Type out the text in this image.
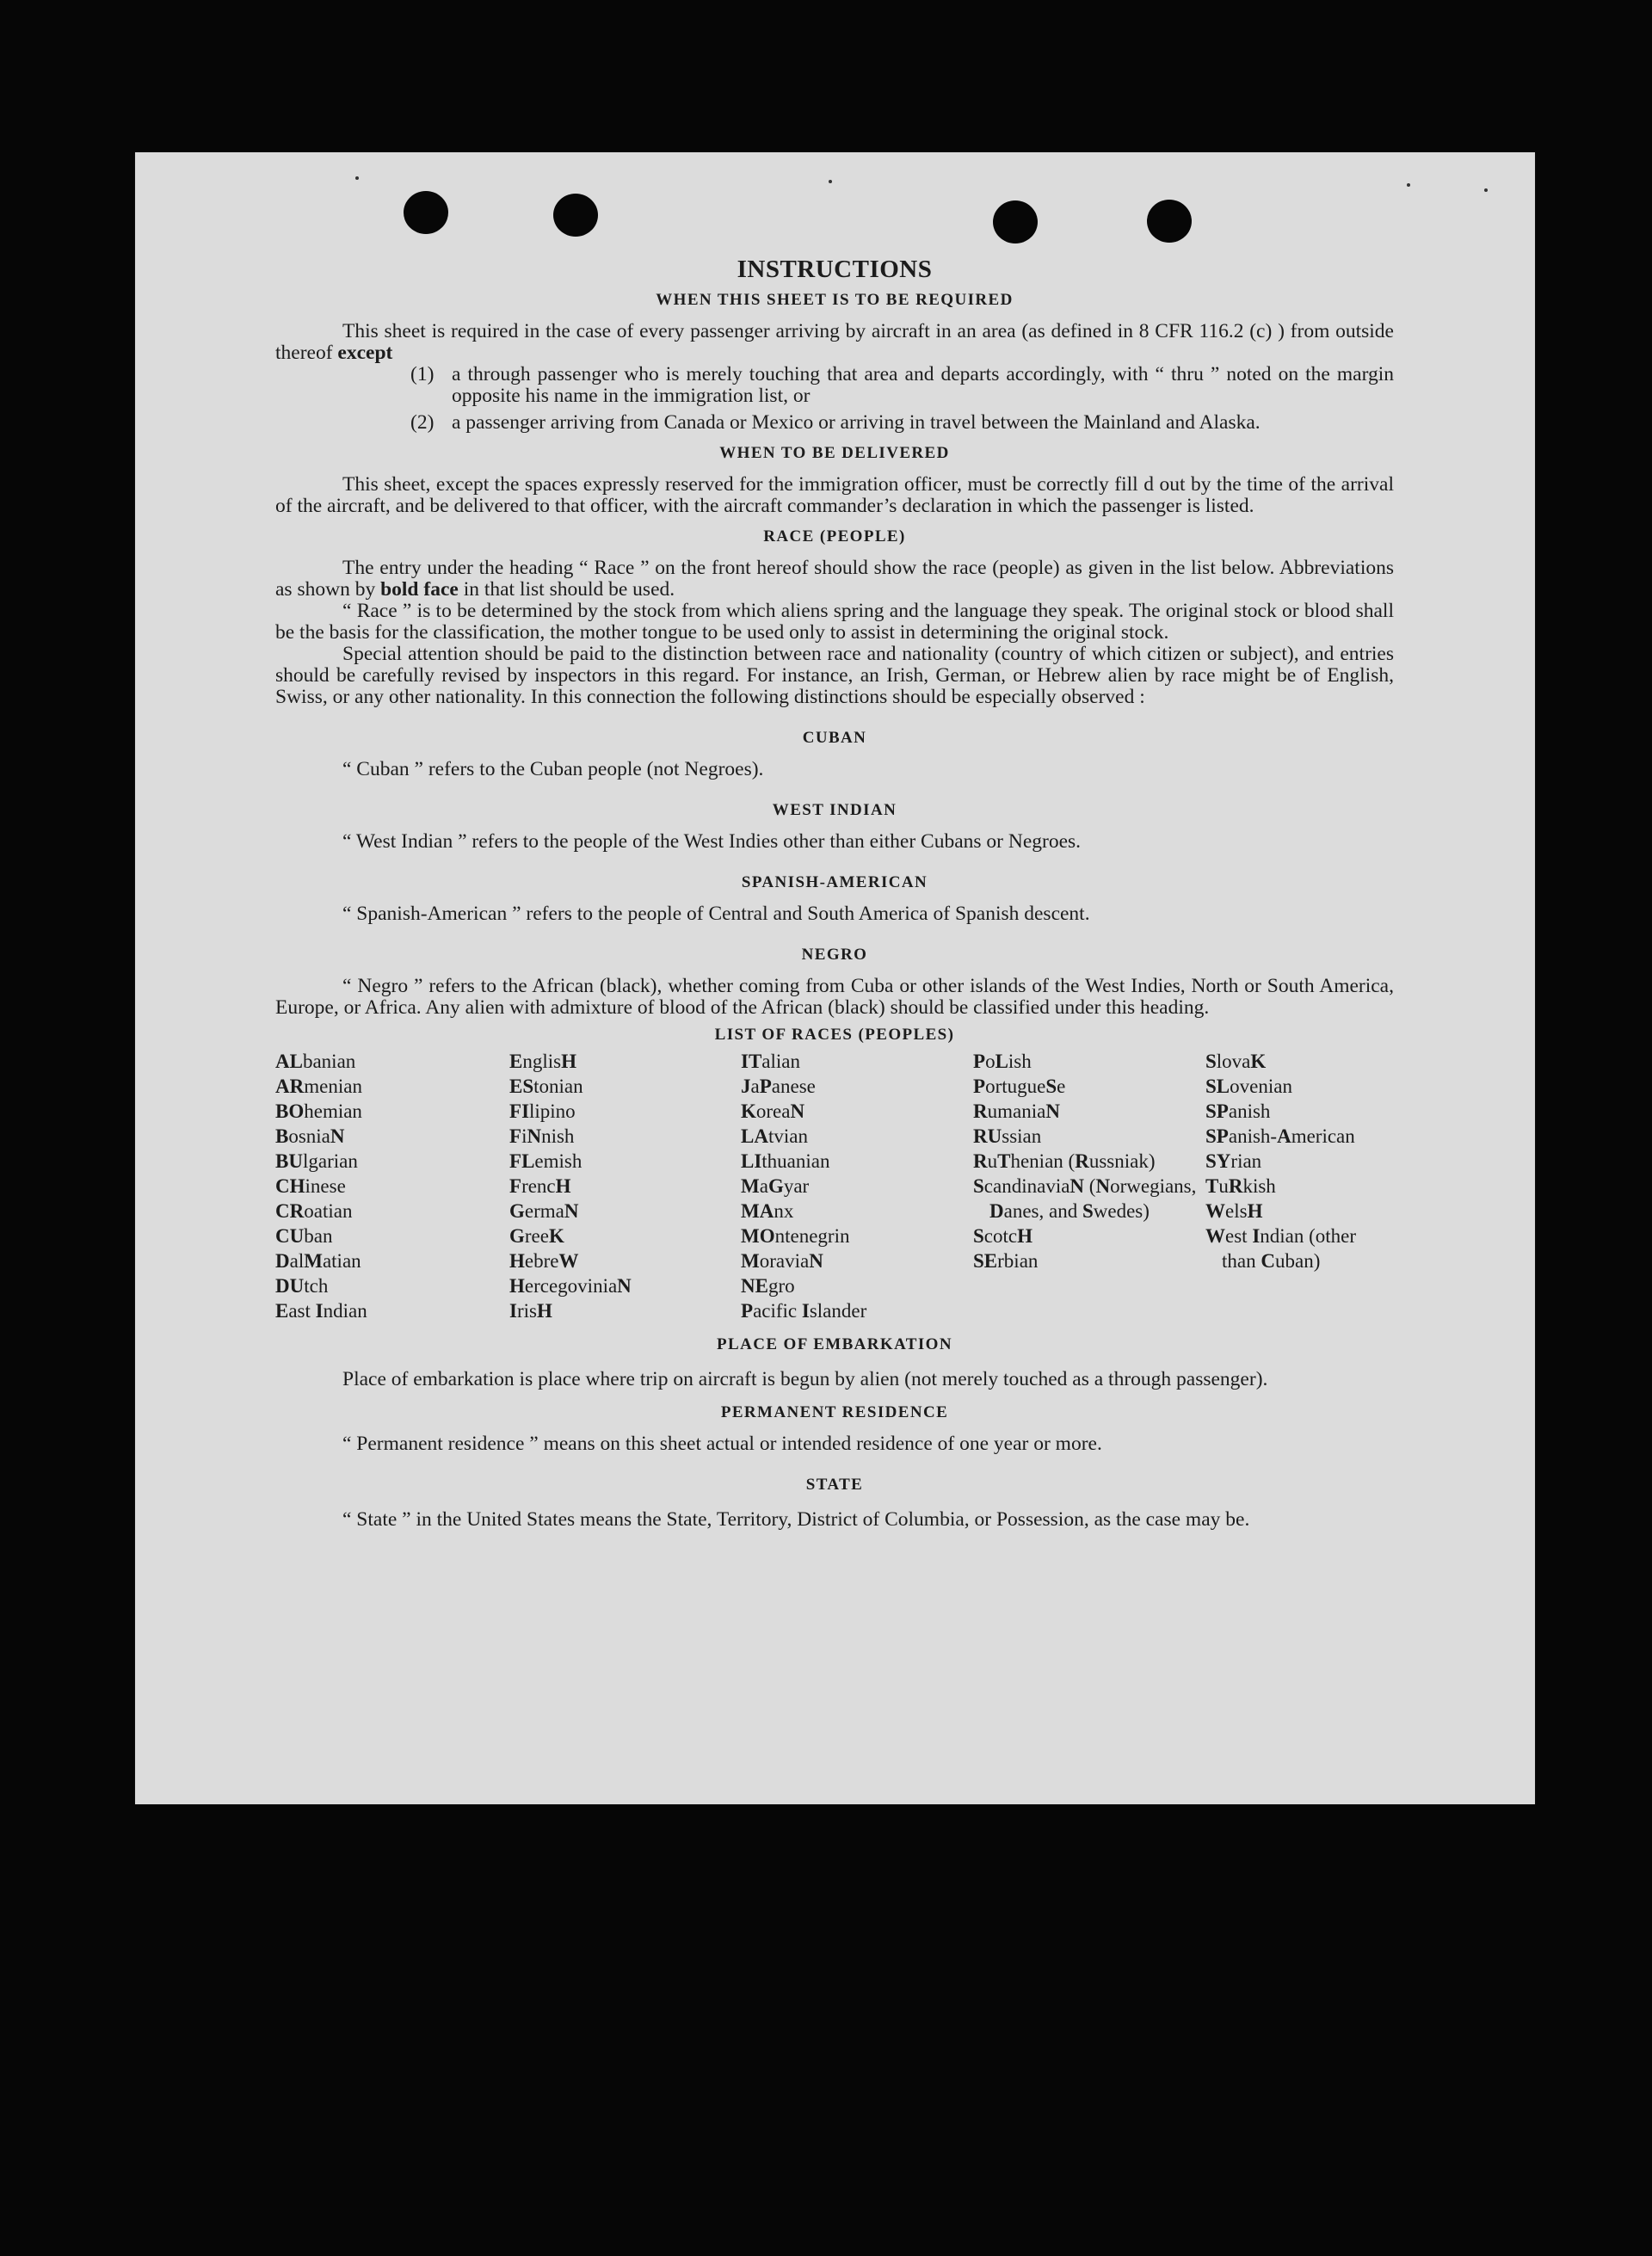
INSTRUCTIONS
WHEN THIS SHEET IS TO BE REQUIRED

This sheet is required in the case of every passenger arriving by aircraft in an area (as defined in 8 CFR 116.2 (c) ) from outside thereof except

(1) a through passenger who is merely touching that area and departs accordingly, with “ thru ” noted on the margin opposite his name in the immigration list, or
(2) a passenger arriving from Canada or Mexico or arriving in travel between the Mainland and Alaska.
WHEN TO BE DELIVERED

This sheet, except the spaces expressly reserved for the immigration officer, must be correctly fill d out by the time of the arrival of the aircraft, and be delivered to that officer, with the aircraft commander’s declaration in which the passenger is listed.

RACE (PEOPLE)

The entry under the heading “ Race ” on the front hereof should show the race (people) as given in the list below. Abbreviations as shown by bold face in that list should be used.

“ Race ” is to be determined by the stock from which aliens spring and the language they speak. The original stock or blood shall be the basis for the classification, the mother tongue to be used only to assist in determining the original stock.

Special attention should be paid to the distinction between race and nationality (country of which citizen or subject), and entries should be carefully revised by inspectors in this regard. For instance, an Irish, German, or Hebrew alien by race might be of English, Swiss, or any other nationality. In this connection the following distinctions should be especially observed :

CUBAN

“ Cuban ” refers to the Cuban people (not Negroes).

WEST INDIAN

“ West Indian ” refers to the people of the West Indies other than either Cubans or Negroes.

SPANISH-AMERICAN

“ Spanish-American ” refers to the people of Central and South America of Spanish descent.

NEGRO

“ Negro ” refers to the African (black), whether coming from Cuba or other islands of the West Indies, North or South America, Europe, or Africa. Any alien with admixture of blood of the African (black) should be classified under this heading.

LIST OF RACES (PEOPLES)
ALbanian
ARmenian
BOhemian
BosniaN
BUlgarian
CHinese
CRoatian
CUban
DalMatian
DUtch
East Indian
EnglisH
EStonian
FIlipino
FiNnish
FLemish
FrencH
GermaN
GreeK
HebreW
HercegoviniaN
IrisH
ITalian
JaPanese
KoreaN
LAtvian
LIthuanian
MaGyar
MAnx
MOntenegrin
MoraviaN
NEgro
Pacific Islander
PoLish
PortugueSe
RumaniaN
RUssian
RuThenian (Russniak)
ScandinaviaN (Norwegians, Danes, and Swedes)
ScotcH
SErbian
SlovaK
SLovenian
SPanish
SPanish-American
SYrian
TuRkish
WelsH
West Indian (other than Cuban)
PLACE OF EMBARKATION

Place of embarkation is place where trip on aircraft is begun by alien (not merely touched as a through passenger).

PERMANENT RESIDENCE

“ Permanent residence ” means on this sheet actual or intended residence of one year or more.

STATE

“ State ” in the United States means the State, Territory, District of Columbia, or Possession, as the case may be.
